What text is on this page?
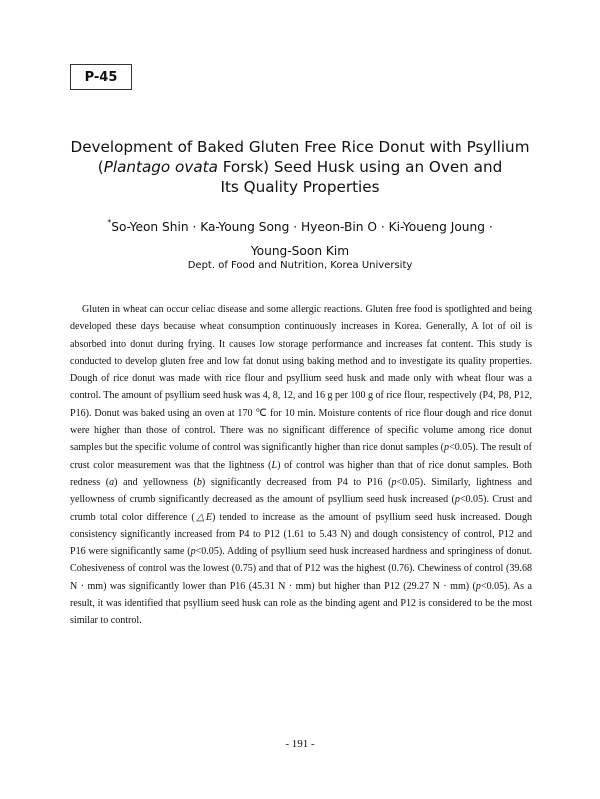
P-45
Development of Baked Gluten Free Rice Donut with Psyllium
(Plantago ovata Forsk) Seed Husk using an Oven and
Its Quality Properties
*So-Yeon Shin · Ka-Young Song · Hyeon-Bin O · Ki-Youeng Joung ·
Young-Soon Kim
Dept. of Food and Nutrition, Korea University

Gluten in wheat can occur celiac disease and some allergic reactions. Gluten free food is spotlighted and being developed these days because wheat consumption continuously increases in Korea. Generally, A lot of oil is absorbed into donut during frying. It causes low storage performance and increases fat content. This study is conducted to develop gluten free and low fat donut using baking method and to investigate its quality properties. Dough of rice donut was made with rice flour and psyllium seed husk and made only with wheat flour was a control. The amount of psyllium seed husk was 4, 8, 12, and 16 g per 100 g of rice flour, respectively (P4, P8, P12, P16). Donut was baked using an oven at 170 ℃ for 10 min. Moisture contents of rice flour dough and rice donut were higher than those of control. There was no significant difference of specific volume among rice donut samples but the specific volume of control was significantly higher than rice donut samples (p<0.05). The result of crust color measurement was that the lightness (L) of control was higher than that of rice donut samples. Both redness (a) and yellowness (b) significantly decreased from P4 to P16 (p<0.05). Similarly, lightness and yellowness of crumb significantly decreased as the amount of psyllium seed husk increased (p<0.05). Crust and crumb total color difference (△E) tended to increase as the amount of psyllium seed husk increased. Dough consistency significantly increased from P4 to P12 (1.61 to 5.43 N) and dough consistency of control, P12 and P16 were significantly same (p<0.05). Adding of psyllium seed husk increased hardness and springiness of donut. Cohesiveness of control was the lowest (0.75) and that of P12 was the highest (0.76). Chewiness of control (39.68 N · mm) was significantly lower than P16 (45.31 N · mm) but higher than P12 (29.27 N · mm) (p<0.05). As a result, it was identified that psyllium seed husk can role as the binding agent and P12 is considered to be the most similar to control.

- 191 -
